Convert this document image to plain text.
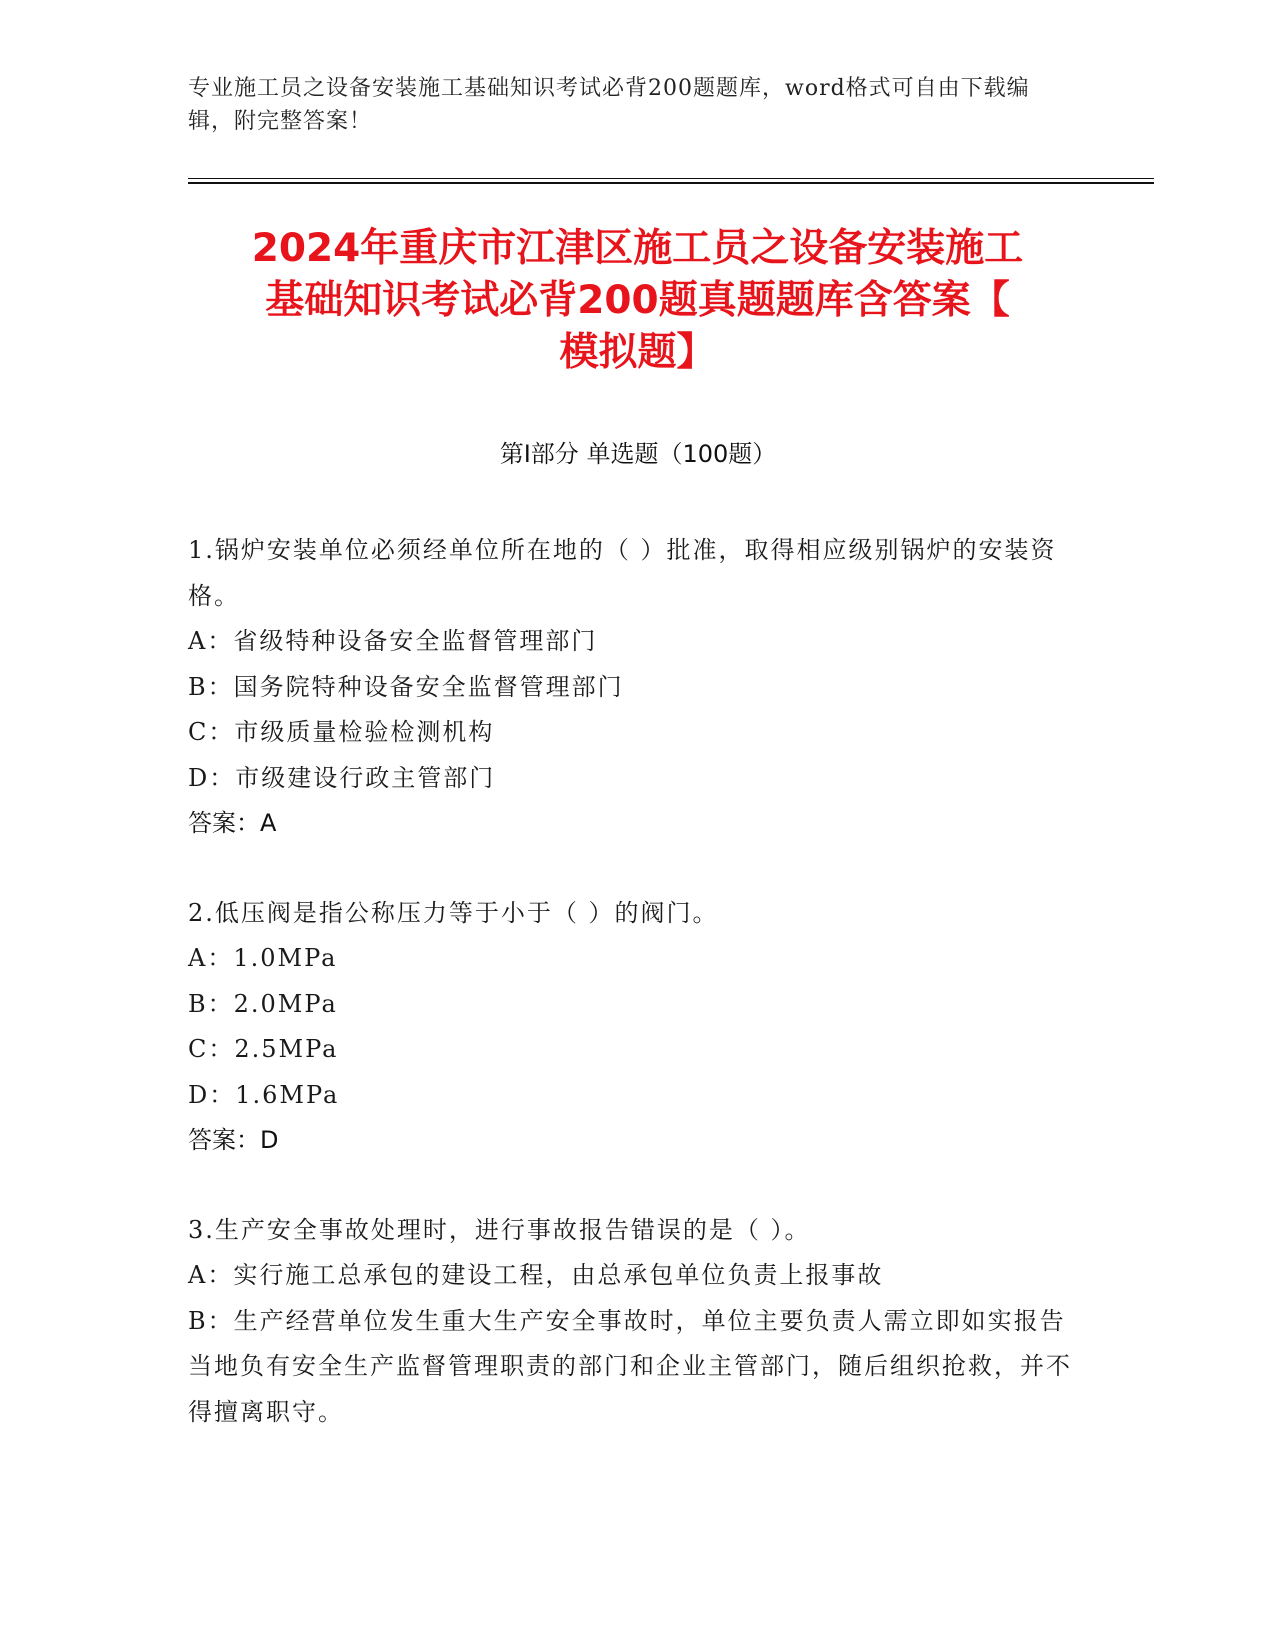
专业施工员之设备安装施工基础知识考试必背200题题库，word格式可自由下载编辑，附完整答案！
2024年重庆市江津区施工员之设备安装施工
基础知识考试必背200题真题题库含答案【
模拟题】
第Ⅰ部分 单选题（100题）

1.锅炉安装单位必须经单位所在地的（ ）批准，取得相应级别锅炉的安装资格。

A：省级特种设备安全监督管理部门

B：国务院特种设备安全监督管理部门

C：市级质量检验检测机构

D：市级建设行政主管部门

答案：A

2.低压阀是指公称压力等于小于（ ）的阀门。

A：1.0MPa

B：2.0MPa

C：2.5MPa

D：1.6MPa

答案：D

3.生产安全事故处理时，进行事故报告错误的是（ ）。

A：实行施工总承包的建设工程，由总承包单位负责上报事故

B：生产经营单位发生重大生产安全事故时，单位主要负责人需立即如实报告当地负有安全生产监督管理职责的部门和企业主管部门，随后组织抢救，并不得擅离职守。
